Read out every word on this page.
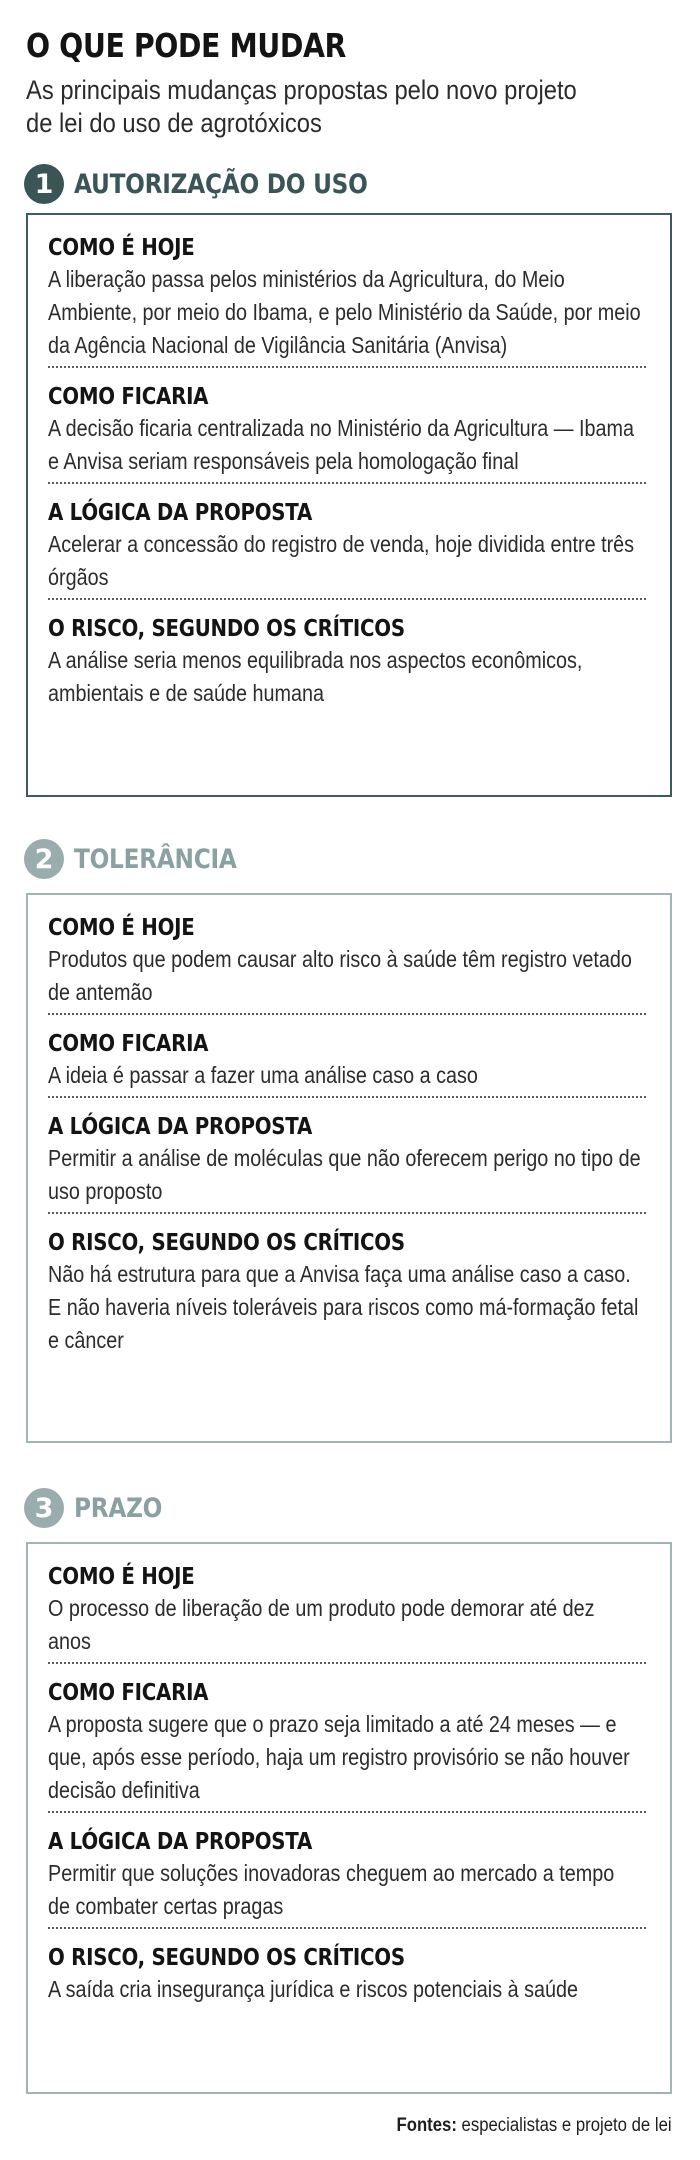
O QUE PODE MUDAR
As principais mudanças propostas pelo novo projeto de lei do uso de agrotóxicos
1 AUTORIZAÇÃO DO USO
COMO É HOJE
A liberação passa pelos ministérios da Agricultura, do Meio Ambiente, por meio do Ibama, e pelo Ministério da Saúde, por meio da Agência Nacional de Vigilância Sanitária (Anvisa)
COMO FICARIA
A decisão ficaria centralizada no Ministério da Agricultura — Ibama e Anvisa seriam responsáveis pela homologação final
A LÓGICA DA PROPOSTA
Acelerar a concessão do registro de venda, hoje dividida entre três órgãos
O RISCO, SEGUNDO OS CRÍTICOS
A análise seria menos equilibrada nos aspectos econômicos, ambientais e de saúde humana
2 TOLERÂNCIA
COMO É HOJE
Produtos que podem causar alto risco à saúde têm registro vetado de antemão
COMO FICARIA
A ideia é passar a fazer uma análise caso a caso
A LÓGICA DA PROPOSTA
Permitir a análise de moléculas que não oferecem perigo no tipo de uso proposto
O RISCO, SEGUNDO OS CRÍTICOS
Não há estrutura para que a Anvisa faça uma análise caso a caso. E não haveria níveis toleráveis para riscos como má-formação fetal e câncer
3 PRAZO
COMO É HOJE
O processo de liberação de um produto pode demorar até dez anos
COMO FICARIA
A proposta sugere que o prazo seja limitado a até 24 meses — e que, após esse período, haja um registro provisório se não houver decisão definitiva
A LÓGICA DA PROPOSTA
Permitir que soluções inovadoras cheguem ao mercado a tempo de combater certas pragas
O RISCO, SEGUNDO OS CRÍTICOS
A saída cria insegurança jurídica e riscos potenciais à saúde
Fontes: especialistas e projeto de lei
